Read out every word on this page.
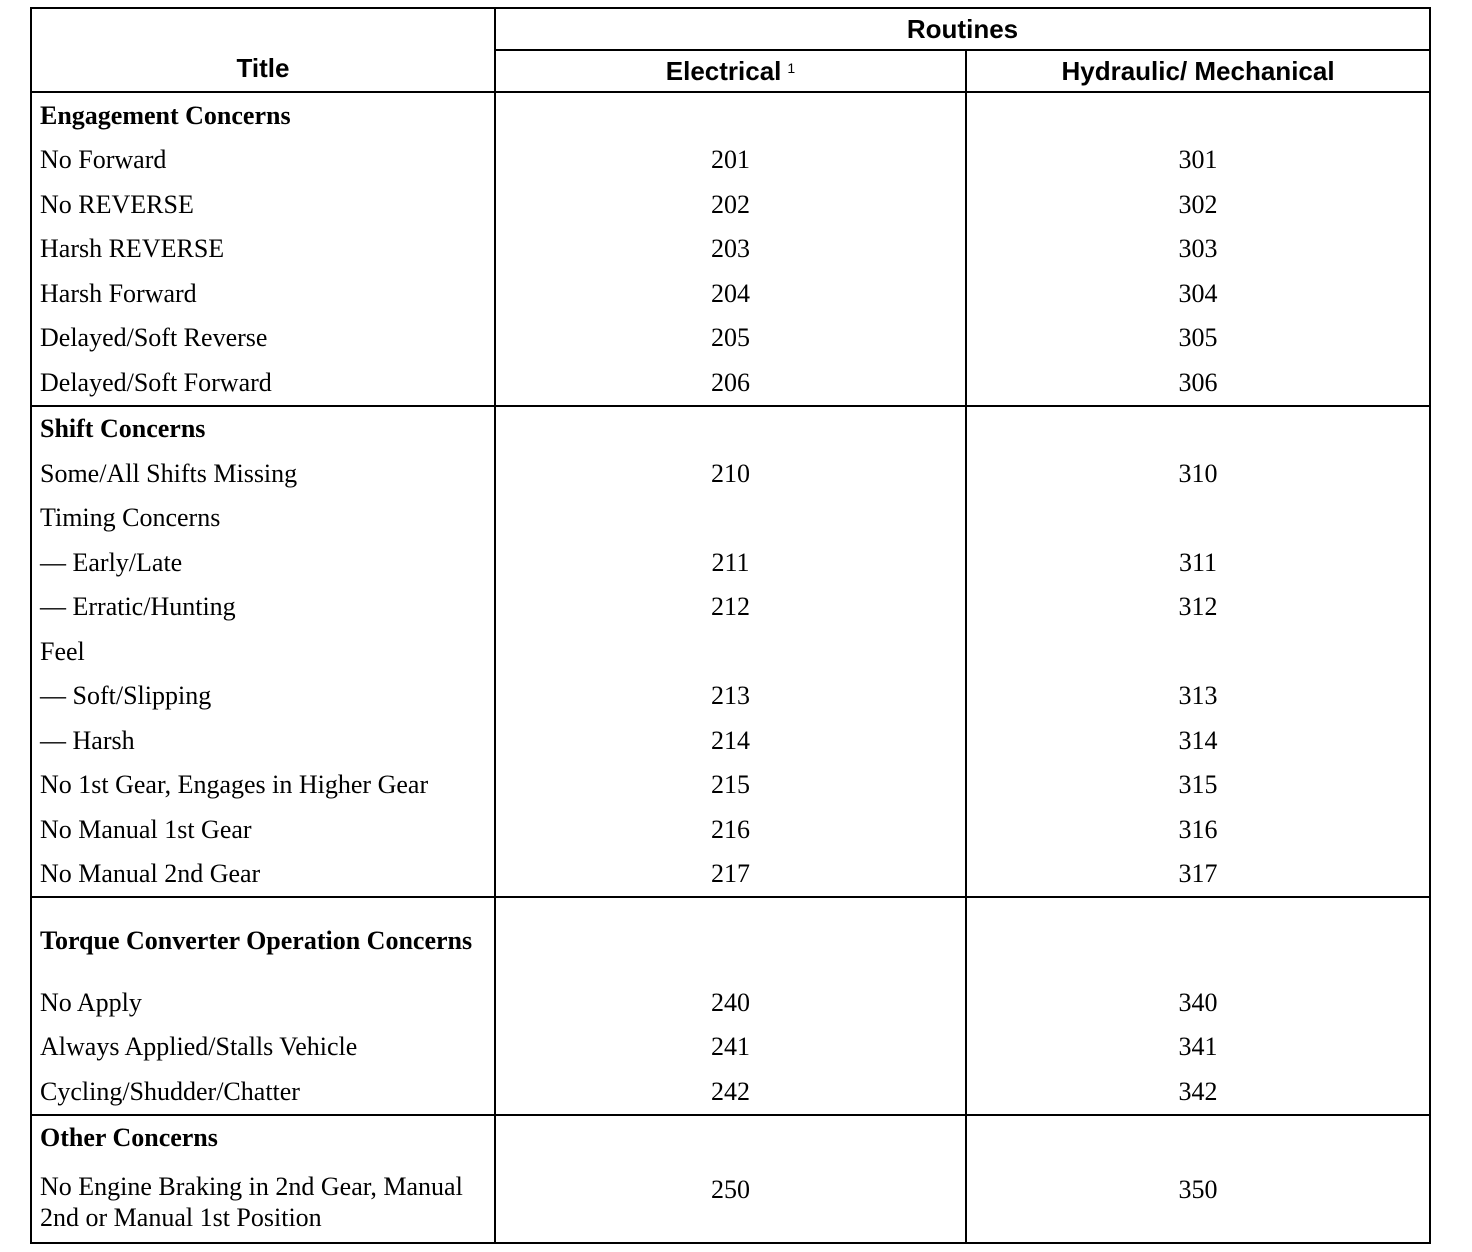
Title	Routines	
	Electrical $^1$	Hydraulic/ Mechanical
Engagement Concerns		
No Forward	201	301
No REVERSE	202	302
Harsh REVERSE	203	303
Harsh Forward	204	304
Delayed/Soft Reverse	205	305
Delayed/Soft Forward	206	306
Shift Concerns		
Some/All Shifts Missing	210	310
Timing Concerns		
— Early/Late	211	311
— Erratic/Hunting	212	312
Feel		
— Soft/Slipping	213	313
— Harsh	214	314
No 1st Gear, Engages in Higher Gear	215	315
No Manual 1st Gear	216	316
No Manual 2nd Gear	217	317
Torque Converter Operation Concerns		
No Apply	240	340
Always Applied/Stalls Vehicle	241	341
Cycling/Shudder/Chatter	242	342
Other Concerns		
No Engine Braking in 2nd Gear, Manual 2nd or Manual 1st Position	250	350
